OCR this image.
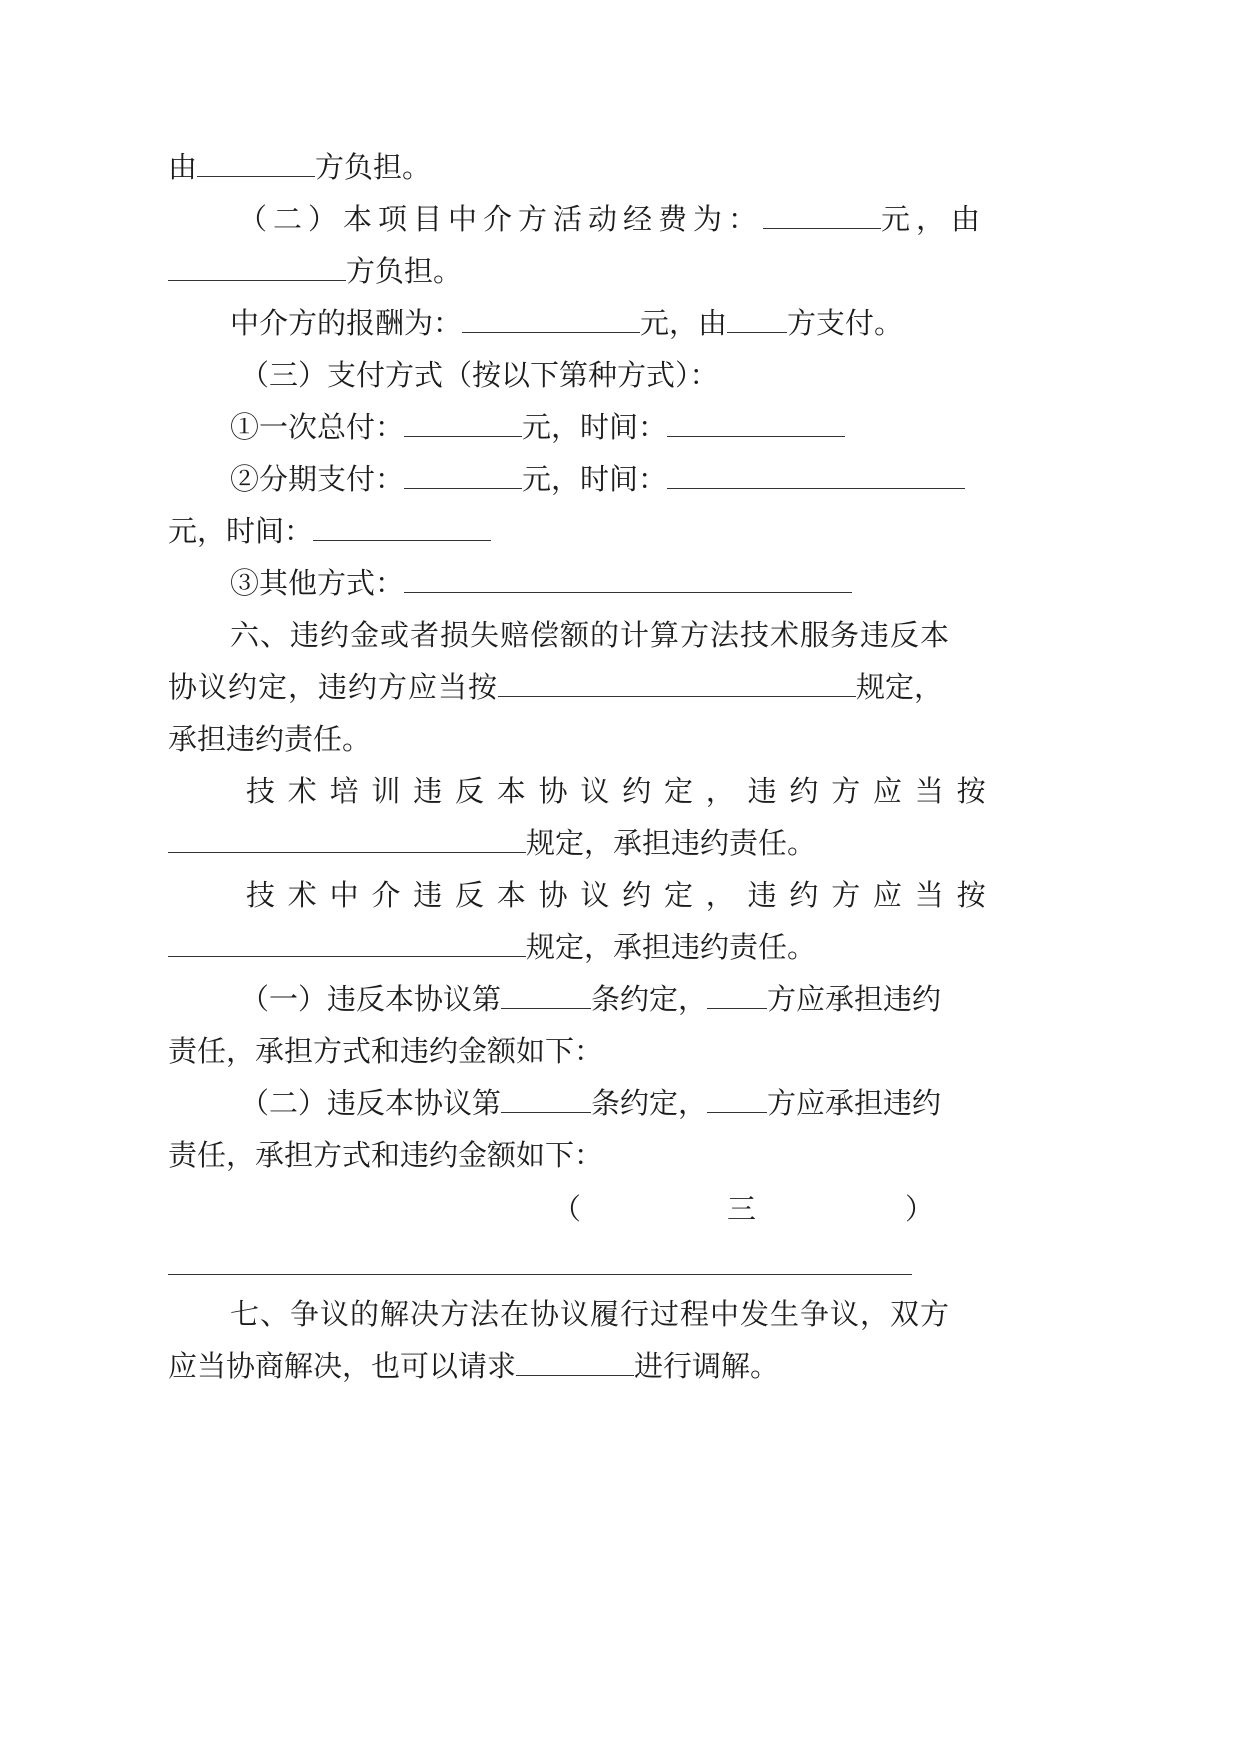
由	方负担。
（二）本项目中介方活动经费为：	元，由
方负担。
中介方的报酬为：	元，由 方支付。
（三）支付方式（按以下第种方式）：
①一次总付：	元，时间：
②分期支付：	元，时间：
元，时间：
③其他方式：
六、违约金或者损失赔偿额的计算方法技术服务违反本
协议约定，违约方应当按	规定，
承担违约责任。
技术培训违反本协议约定，违约方应当按
规定，承担违约责任。
技术中介违反本协议约定，违约方应当按
规定，承担违约责任。
（一）违反本协议第	条约定， 方应承担违约
责任，承担方式和违约金额如下：
（二）违反本协议第	条约定， 方应承担违约
责任，承担方式和违约金额如下：
（	三	）
七、争议的解决方法在协议履行过程中发生争议，双方
应当协商解决，也可以请求	进行调解。
